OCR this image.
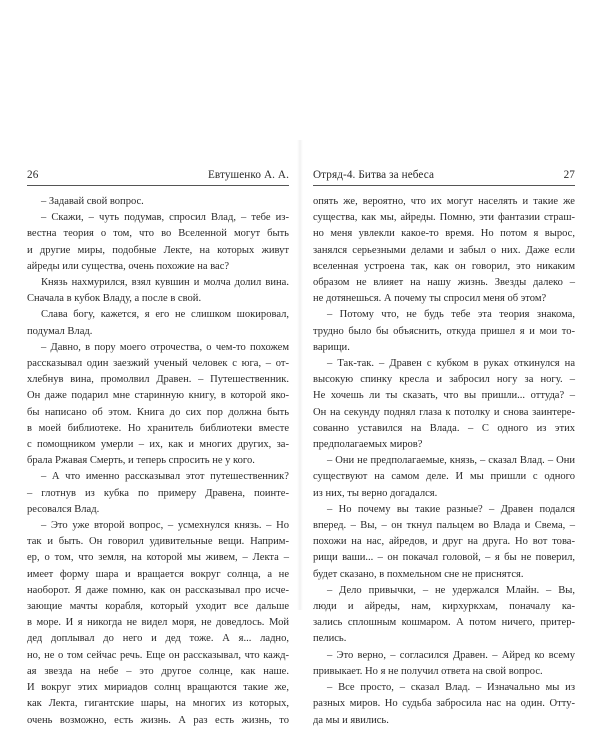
26	Евтушенко А. А.
– Задавай свой вопрос.
– Скажи, – чуть подумав, спросил Влад, – тебе из-
вестна теория о том, что во Вселенной могут быть
и другие миры, подобные Лекте, на которых живут
айреды или существа, очень похожие на вас?
Князь нахмурился, взял кувшин и молча долил вина.
Сначала в кубок Владу, а после в свой.
Слава богу, кажется, я его не слишком шокировал,
подумал Влад.
– Давно, в пору моего отрочества, о чем-то похожем
рассказывал один заезжий ученый человек с юга, – от-
хлебнув вина, промолвил Дравен. – Путешественник.
Он даже подарил мне старинную книгу, в которой яко-
бы написано об этом. Книга до сих пор должна быть
в моей библиотеке. Но хранитель библиотеки вместе
с помощником умерли – их, как и многих других, за-
брала Ржавая Смерть, и теперь спросить не у кого.
– А что именно рассказывал этот путешественник?
– глотнув из кубка по примеру Дравена, поинте-
ресовался Влад.
– Это уже второй вопрос, – усмехнулся князь. – Но
так и быть. Он говорил удивительные вещи. Наприм-
ер, о том, что земля, на которой мы живем, – Лекта –
имеет форму шара и вращается вокруг солнца, а не
наоборот. Я даже помню, как он рассказывал про исче-
зающие мачты корабля, который уходит все дальше
в море. И я никогда не видел моря, не доведлось. Мой
дед доплывал до него и дед тоже. А я... ладно,
но, не о том сейчас речь. Еще он рассказывал, что кажд-
ая звезда на небе – это другое солнце, как наше.
И вокруг этих мириадов солнц вращаются такие же,
как Лекта, гигантские шары, на многих из которых,
очень возможно, есть жизнь. А раз есть жизнь, то
Отряд-4. Битва за небеса	27
опять же, вероятно, что их могут населять и такие же
существа, как мы, айреды. Помню, эти фантазии страш-
но меня увлекли какое-то время. Но потом я вырос,
занялся серьезными делами и забыл о них. Даже если
вселенная устроена так, как он говорил, это никаким
образом не влияет на нашу жизнь. Звезды далеко –
не дотянешься. А почему ты спросил меня об этом?
– Потому что, не будь тебе эта теория знакома,
трудно было бы объяснить, откуда пришел я и мои то-
варищи.
– Так-так. – Дравен с кубком в руках откинулся на
высокую спинку кресла и забросил ногу за ногу. –
Не хочешь ли ты сказать, что вы пришли... оттуда? –
Он на секунду поднял глаза к потолку и снова заинтере-
сованно уставился на Влада. – С одного из этих
предполагаемых миров?
– Они не предполагаемые, князь, – сказал Влад. – Они
существуют на самом деле. И мы пришли с одного
из них, ты верно догадался.
– Но почему вы такие разные? – Дравен подался
вперед. – Вы, – он ткнул пальцем во Влада и Свема, –
похожи на нас, айредов, и друг на друга. Но вот това-
рищи ваши... – он покачал головой, – я бы не поверил,
будет сказано, в похмельном сне не приснятся.
– Дело привычки, – не удержался Млайн. – Вы,
люди и айреды, нам, кирхуркхам, поначалу ка-
зались сплошным кошмаром. А потом ничего, притер-
пелись.
– Это верно, – согласился Дравен. – Айред ко всему
привыкает. Но я не получил ответа на свой вопрос.
– Все просто, – сказал Влад. – Изначально мы из
разных миров. Но судьба забросила нас на один. Отту-
да мы и явились.
